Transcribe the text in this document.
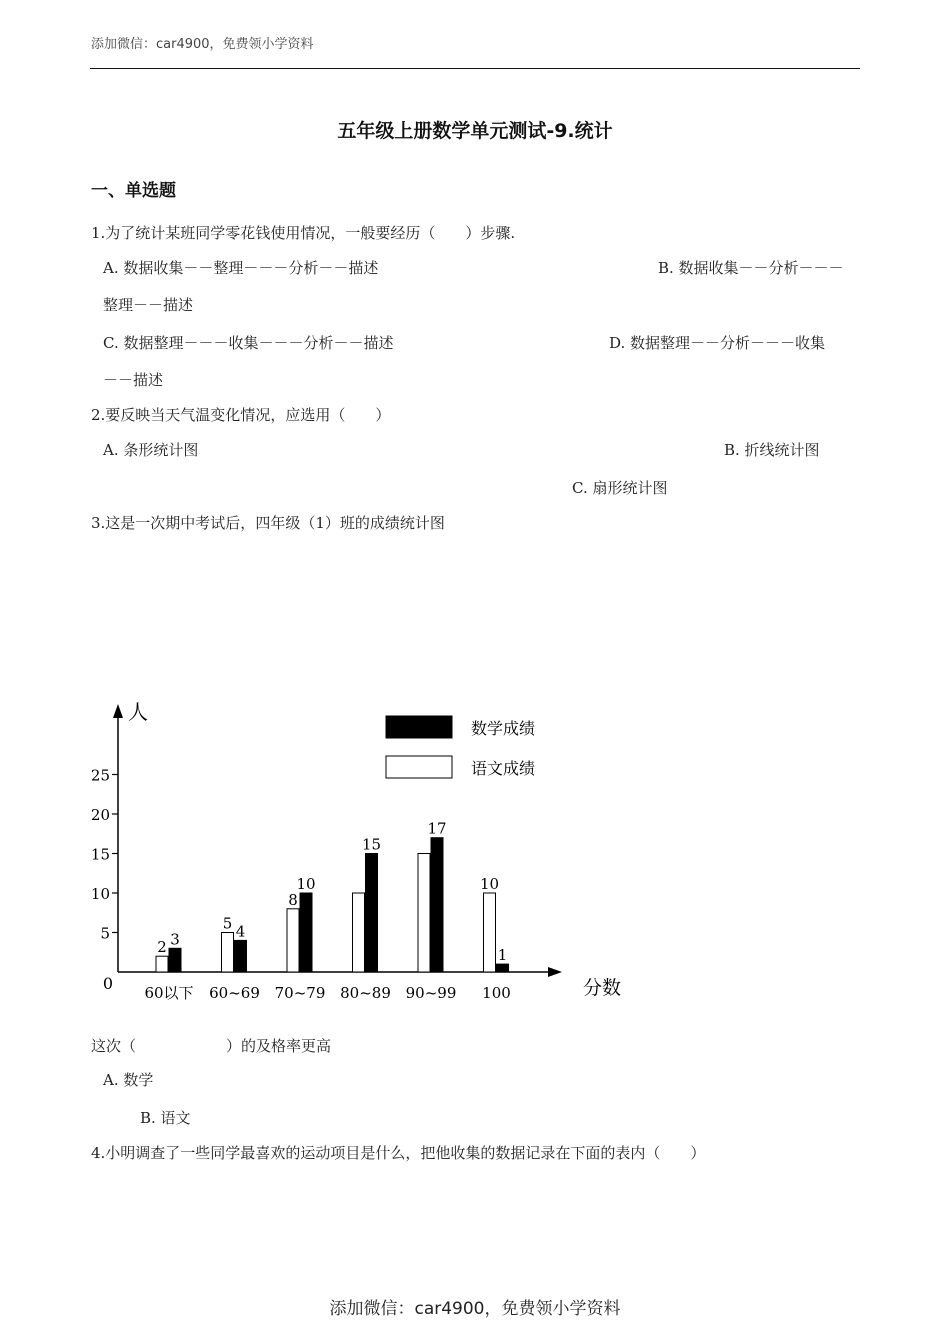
添加微信：car4900，免费领小学资料
五年级上册数学单元测试-9.统计
一、单选题
1.为了统计某班同学零花钱使用情况，一般要经历（　　）步骤.
A. 数据收集－－整理－－－分析－－描述	B. 数据收集－－分析－－－
整理－－描述
C. 数据整理－－－收集－－－分析－－描述	D. 数据整理－－分析－－－收集
－－描述
2.要反映当天气温变化情况，应选用（　　）
A. 条形统计图	B. 折线统计图
C. 扇形统计图
3.这是一次期中考试后，四年级（1）班的成绩统计图
人
分数
0
5
10
15
20
25
2 3
60以下
5 4
60~69
8
10
70~79
15
80~89
17
90~99
10
1
100
数学成绩
语文成绩
这次（　　　　　　）的及格率更高
A. 数学
B. 语文
4.小明调查了一些同学最喜欢的运动项目是什么，把他收集的数据记录在下面的表内（　　）
添加微信：car4900，免费领小学资料
